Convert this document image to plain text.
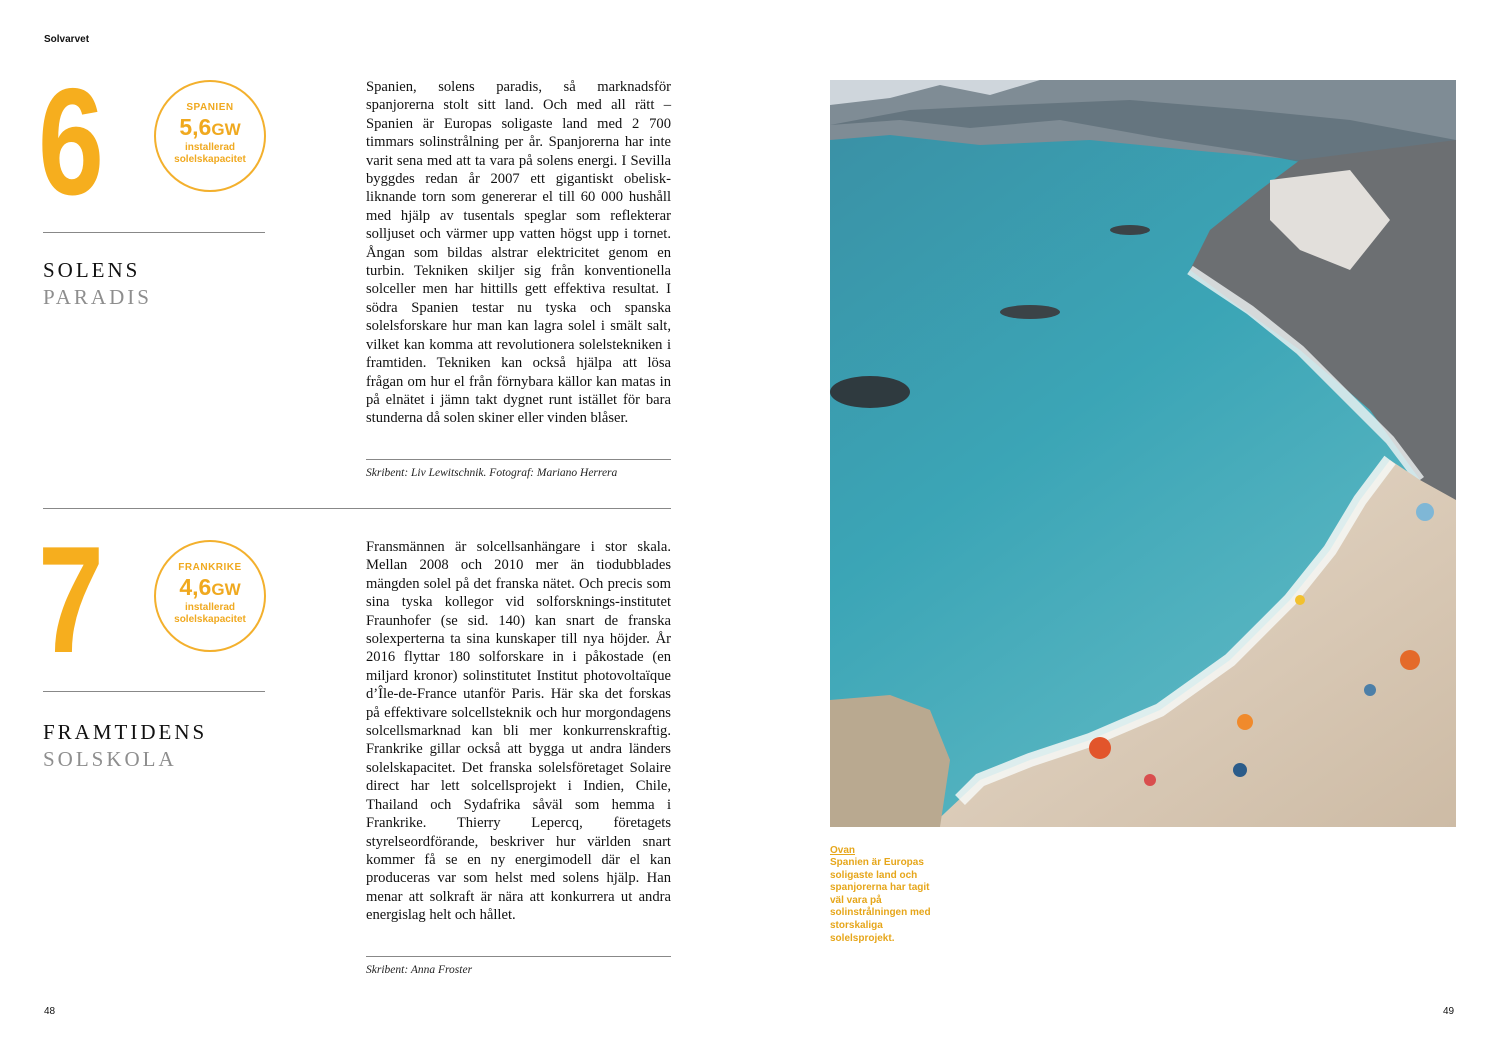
Solvarvet
6	SPANIEN
5,6GW
installerad
solelskapacitet
SOLENS
PARADIS

Spanien, solens paradis, så marknadsför spanjorerna stolt sitt land. Och med all rätt – Spanien är Europas soligaste land med 2 700 timmars solinstrålning per år. Spanjorerna har inte varit sena med att ta vara på solens energi. I Sevilla byggdes redan år 2007 ett gigantiskt obelisk-liknande torn som genererar el till 60 000 hushåll med hjälp av tusentals speglar som reflekterar solljuset och värmer upp vatten högst upp i tornet. Ångan som bildas alstrar elektricitet genom en turbin. Tekniken skiljer sig från konventionella solceller men har hittills gett effektiva resultat. I södra Spanien testar nu tyska och spanska solelsforskare hur man kan lagra solel i smält salt, vilket kan komma att revolutionera solelstekniken i framtiden. Tekniken kan också hjälpa att lösa frågan om hur el från förnybara källor kan matas in på elnätet i jämn takt dygnet runt istället för bara stunderna då solen skiner eller vinden blåser.

Skribent: Liv Lewitschnik. Fotograf: Mariano Herrera
7	FRANKRIKE
4,6GW
installerad
solelskapacitet
FRAMTIDENS
SOLSKOLA

Fransmännen är solcellsanhängare i stor skala. Mellan 2008 och 2010 mer än tiodubblades mängden solel på det franska nätet. Och precis som sina tyska kollegor vid solforsknings-institutet Fraunhofer (se sid. 140) kan snart de franska solexperterna ta sina kunskaper till nya höjder. År 2016 flyttar 180 solforskare in i påkostade (en miljard kronor) solinstitutet Institut photovoltaïque d’Île-de-France utanför Paris. Här ska det forskas på effektivare solcellsteknik och hur morgondagens solcellsmarknad kan bli mer konkurrenskraftig. Frankrike gillar också att bygga ut andra länders solelskapacitet. Det franska solelsföretaget Solaire direct har lett solcellsprojekt i Indien, Chile, Thailand och Sydafrika såväl som hemma i Frankrike. Thierry Lepercq, företagets styrelseordförande, beskriver hur världen snart kommer få se en ny energimodell där el kan produceras var som helst med solens hjälp. Han menar att solkraft är nära att konkurrera ut andra energislag helt och hållet.

Skribent: Anna Froster
Ovan
Spanien är Europas soligaste land och spanjorerna har tagit väl vara på solinstrålningen med storskaliga solelsprojekt.
48	49
